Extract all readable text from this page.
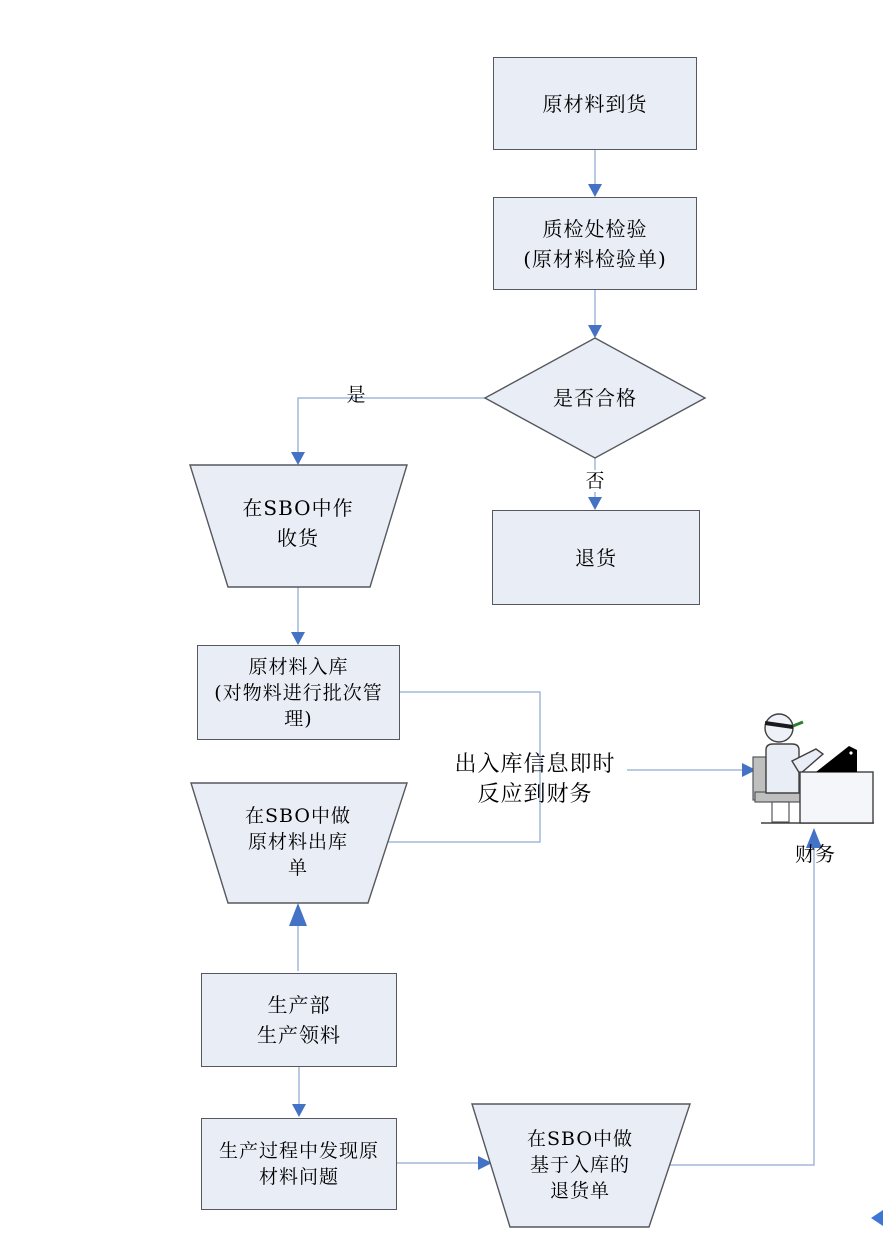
原材料到货
质检处检验
(原材料检验单)
退货
原材料入库
(对物料进行批次管
理)
生产部
生产领料
生产过程中发现原
材料问题
是否合格
在SBO中作
收货
在SBO中做
原材料出库
单
在SBO中做
基于入库的
退货单
是
否
出入库信息即时
反应到财务
财务
